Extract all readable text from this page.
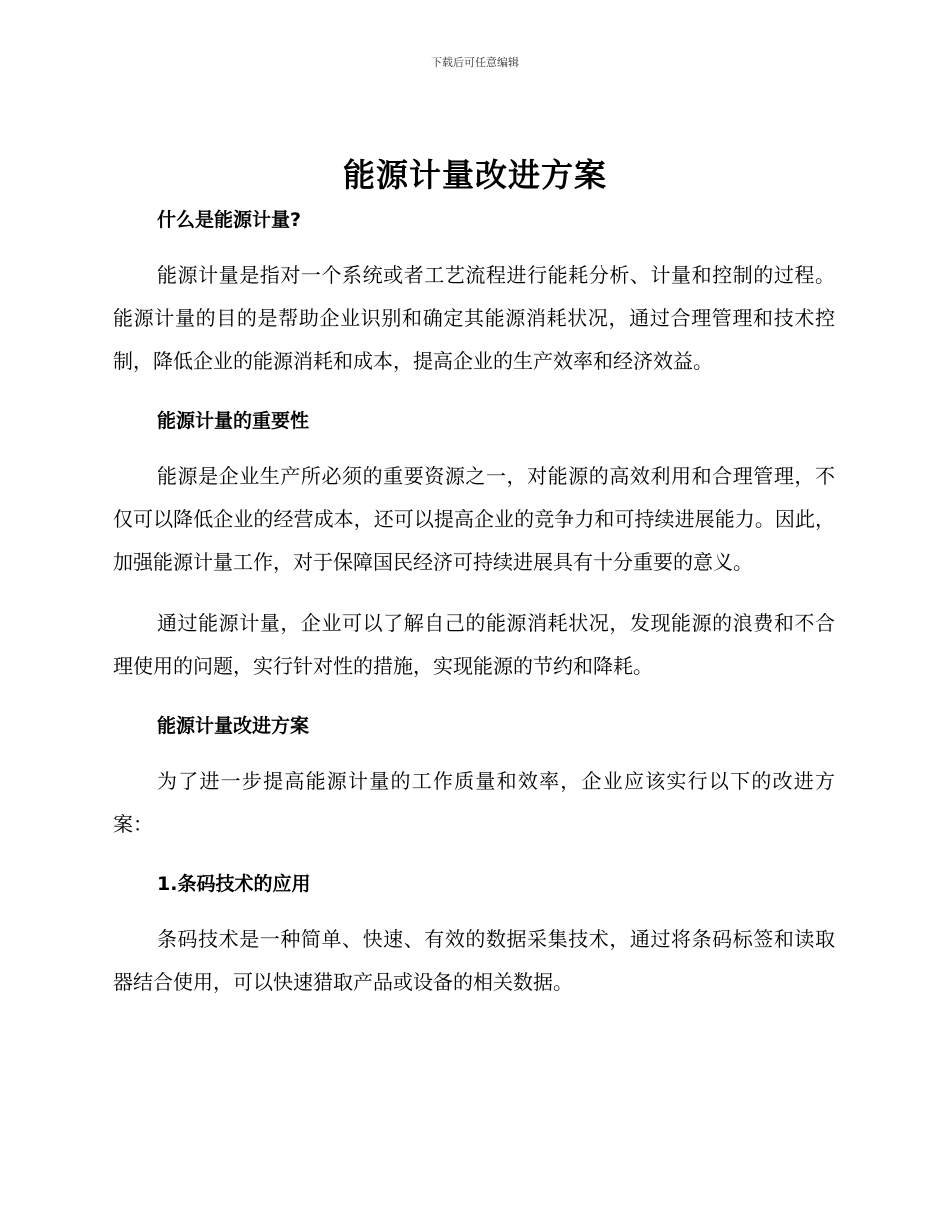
下载后可任意编辑
能源计量改进方案

什么是能源计量?

能源计量是指对一个系统或者工艺流程进行能耗分析、计量和控制的过程。能源计量的目的是帮助企业识别和确定其能源消耗状况，通过合理管理和技术控制，降低企业的能源消耗和成本，提高企业的生产效率和经济效益。

能源计量的重要性

能源是企业生产所必须的重要资源之一，对能源的高效利用和合理管理，不仅可以降低企业的经营成本，还可以提高企业的竞争力和可持续进展能力。因此，加强能源计量工作，对于保障国民经济可持续进展具有十分重要的意义。

通过能源计量，企业可以了解自己的能源消耗状况，发现能源的浪费和不合理使用的问题，实行针对性的措施，实现能源的节约和降耗。

能源计量改进方案

为了进一步提高能源计量的工作质量和效率，企业应该实行以下的改进方案：

1.条码技术的应用

条码技术是一种简单、快速、有效的数据采集技术，通过将条码标签和读取器结合使用，可以快速猎取产品或设备的相关数据。
